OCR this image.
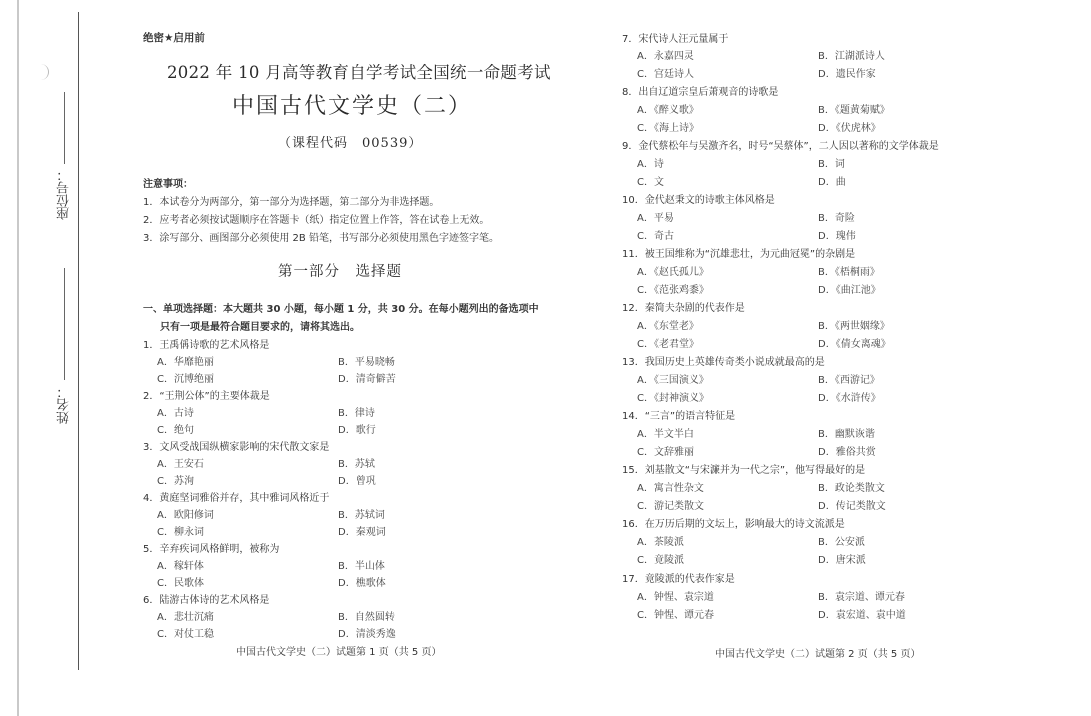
座位号：
姓名：
绝密★启用前
2022 年 10 月高等教育自学考试全国统一命题考试
中国古代文学史（二）
（课程代码　00539）
注意事项：
1．本试卷分为两部分，第一部分为选择题，第二部分为非选择题。
2．应考者必须按试题顺序在答题卡（纸）指定位置上作答，答在试卷上无效。
3．涂写部分、画图部分必须使用 2B 铅笔，书写部分必须使用黑色字迹签字笔。
第一部分　选择题
一、单项选择题：本大题共 30 小题，每小题 1 分，共 30 分。在每小题列出的备选项中
只有一项是最符合题目要求的，请将其选出。
1．王禹偁诗歌的艺术风格是
A．华靡艳丽	B．平易晓畅
C．沉博绝丽	D．清奇僻苦
2．“王荆公体”的主要体裁是
A．古诗	B．律诗
C．绝句	D．歌行
3．文风受战国纵横家影响的宋代散文家是
A．王安石	B．苏轼
C．苏洵	D．曾巩
4．黄庭坚词雅俗并存，其中雅词风格近于
A．欧阳修词	B．苏轼词
C．柳永词	D．秦观词
5．辛弃疾词风格鲜明，被称为
A．稼轩体	B．半山体
C．民歌体	D．樵歌体
6．陆游古体诗的艺术风格是
A．悲壮沉痛	B．自然圆转
C．对仗工稳	D．清淡秀逸
中国古代文学史（二）试题第 1 页（共 5 页）
7．宋代诗人汪元量属于
A．永嘉四灵	B．江湖派诗人
C．宫廷诗人	D．遗民作家
8．出自辽道宗皇后萧观音的诗歌是
A．《醉义歌》	B．《题黄菊赋》
C．《海上诗》	D．《伏虎林》
9．金代蔡松年与吴激齐名，时号“吴蔡体”，二人因以著称的文学体裁是
A．诗	B．词
C．文	D．曲
10．金代赵秉文的诗歌主体风格是
A．平易	B．奇险
C．奇古	D．瑰伟
11．被王国维称为“沉雄悲壮，为元曲冠冕”的杂剧是
A．《赵氏孤儿》	B．《梧桐雨》
C．《范张鸡黍》	D．《曲江池》
12．秦简夫杂剧的代表作是
A．《东堂老》	B．《两世姻缘》
C．《老君堂》	D．《倩女离魂》
13．我国历史上英雄传奇类小说成就最高的是
A．《三国演义》	B．《西游记》
C．《封神演义》	D．《水浒传》
14．“三言”的语言特征是
A．半文半白	B．幽默诙谐
C．文辞雅丽	D．雅俗共赏
15．刘基散文“与宋濂并为一代之宗”，他写得最好的是
A．寓言性杂文	B．政论类散文
C．游记类散文	D．传记类散文
16．在万历后期的文坛上，影响最大的诗文流派是
A．茶陵派	B．公安派
C．竟陵派	D．唐宋派
17．竟陵派的代表作家是
A．钟惺、袁宗道	B．袁宗道、谭元春
C．钟惺、谭元春	D．袁宏道、袁中道
中国古代文学史（二）试题第 2 页（共 5 页）
